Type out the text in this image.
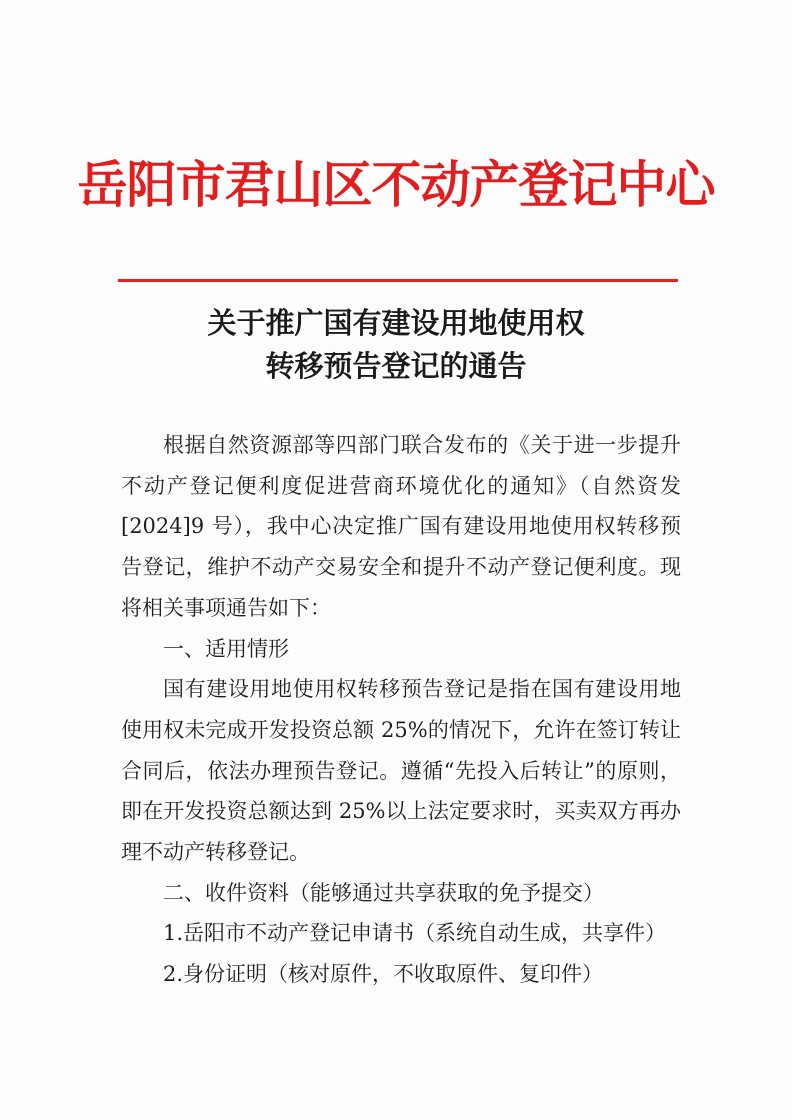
岳阳市君山区不动产登记中心
关于推广国有建设用地使用权
转移预告登记的通告

根据自然资源部等四部门联合发布的《关于进一步提升不动产登记便利度促进营商环境优化的通知》（自然资发[2024]9 号），我中心决定推广国有建设用地使用权转移预告登记，维护不动产交易安全和提升不动产登记便利度。现将相关事项通告如下：

一、适用情形

国有建设用地使用权转移预告登记是指在国有建设用地使用权未完成开发投资总额 25%的情况下，允许在签订转让合同后，依法办理预告登记。遵循“先投入后转让”的原则，即在开发投资总额达到 25%以上法定要求时，买卖双方再办理不动产转移登记。

二、收件资料（能够通过共享获取的免予提交）

1.岳阳市不动产登记申请书（系统自动生成，共享件）

2.身份证明（核对原件，不收取原件、复印件）
